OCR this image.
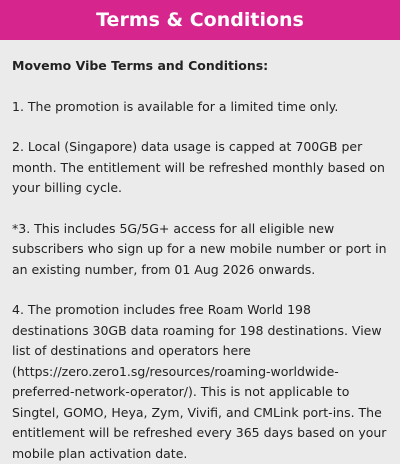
Terms & Conditions

Movemo Vibe Terms and Conditions:

1. The promotion is available for a limited time only.

2. Local (Singapore) data usage is capped at 700GB per month. The entitlement will be refreshed monthly based on your billing cycle.

*3. This includes 5G/5G+ access for all eligible new subscribers who sign up for a new mobile number or port in an existing number, from 01 Aug 2026 onwards.

4. The promotion includes free Roam World 198 destinations 30GB data roaming for 198 destinations. View list of destinations and operators here (https://zero.zero1.sg/resources/roaming-worldwide-preferred-network-operator/). This is not applicable to Singtel, GOMO, Heya, Zym, Vivifi, and CMLink port-ins. The entitlement will be refreshed every 365 days based on your mobile plan activation date.
